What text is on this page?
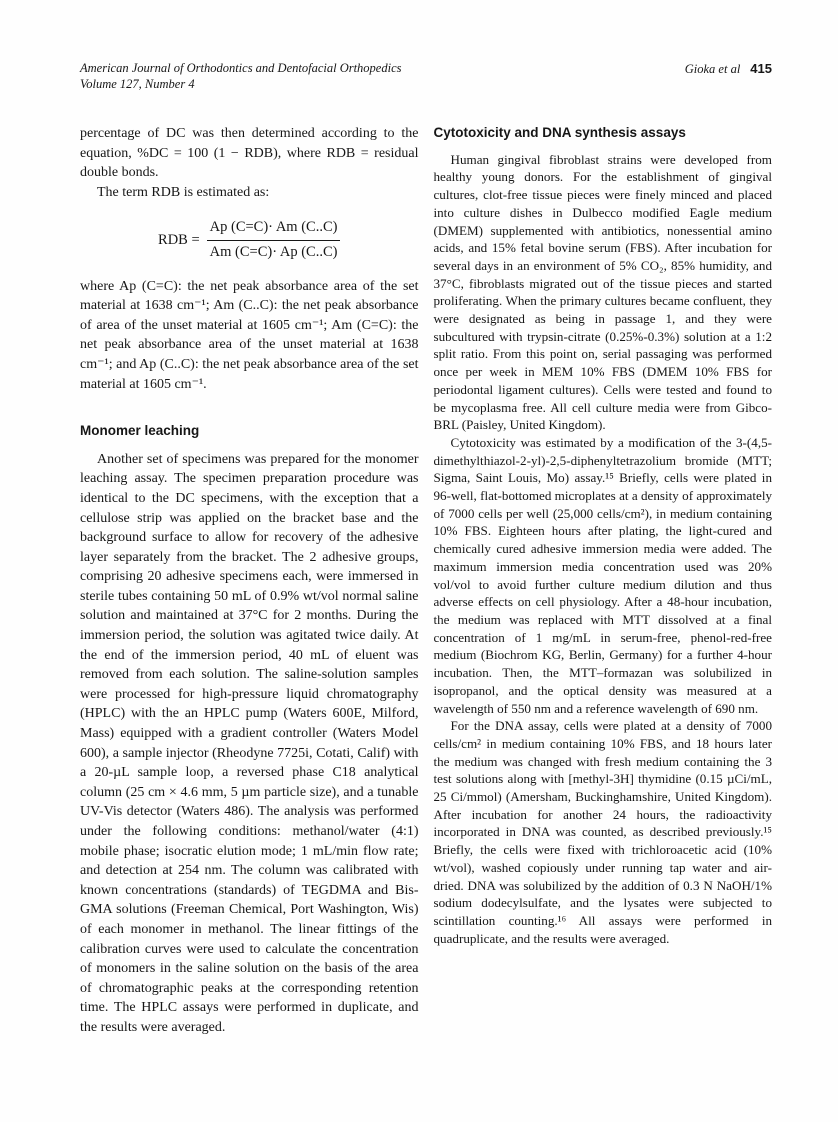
American Journal of Orthodontics and Dentofacial Orthopedics
Volume 127, Number 4
Gioka et al 415

percentage of DC was then determined according to the equation, %DC = 100 (1 − RDB), where RDB = residual double bonds.

The term RDB is estimated as:

RDB = $\frac{Ap (C=C)\cdot Am (C..C)}{Am (C=C)\cdot Ap (C..C)}$

where Ap (C=C): the net peak absorbance area of the set material at 1638 cm⁻¹; Am (C..C): the net peak absorbance of area of the unset material at 1605 cm⁻¹; Am (C=C): the net peak absorbance area of the unset material at 1638 cm⁻¹; and Ap (C..C): the net peak absorbance area of the set material at 1605 cm⁻¹.

Monomer leaching

Another set of specimens was prepared for the monomer leaching assay. The specimen preparation procedure was identical to the DC specimens, with the exception that a cellulose strip was applied on the bracket base and the background surface to allow for recovery of the adhesive layer separately from the bracket. The 2 adhesive groups, comprising 20 adhesive specimens each, were immersed in sterile tubes containing 50 mL of 0.9% wt/vol normal saline solution and maintained at 37°C for 2 months. During the immersion period, the solution was agitated twice daily. At the end of the immersion period, 40 mL of eluent was removed from each solution. The saline-solution samples were processed for high-pressure liquid chromatography (HPLC) with the an HPLC pump (Waters 600E, Milford, Mass) equipped with a gradient controller (Waters Model 600), a sample injector (Rheodyne 7725i, Cotati, Calif) with a 20-µL sample loop, a reversed phase C18 analytical column (25 cm × 4.6 mm, 5 µm particle size), and a tunable UV-Vis detector (Waters 486). The analysis was performed under the following conditions: methanol/water (4:1) mobile phase; isocratic elution mode; 1 mL/min flow rate; and detection at 254 nm. The column was calibrated with known concentrations (standards) of TEGDMA and Bis-GMA solutions (Freeman Chemical, Port Washington, Wis) of each monomer in methanol. The linear fittings of the calibration curves were used to calculate the concentration of monomers in the saline solution on the basis of the area of chromatographic peaks at the corresponding retention time. The HPLC assays were performed in duplicate, and the results were averaged.

Cytotoxicity and DNA synthesis assays

Human gingival fibroblast strains were developed from healthy young donors. For the establishment of gingival cultures, clot-free tissue pieces were finely minced and placed into culture dishes in Dulbecco modified Eagle medium (DMEM) supplemented with antibiotics, nonessential amino acids, and 15% fetal bovine serum (FBS). After incubation for several days in an environment of 5% CO₂, 85% humidity, and 37°C, fibroblasts migrated out of the tissue pieces and started proliferating. When the primary cultures became confluent, they were designated as being in passage 1, and they were subcultured with trypsin-citrate (0.25%-0.3%) solution at a 1:2 split ratio. From this point on, serial passaging was performed once per week in MEM 10% FBS (DMEM 10% FBS for periodontal ligament cultures). Cells were tested and found to be mycoplasma free. All cell culture media were from Gibco-BRL (Paisley, United Kingdom).

Cytotoxicity was estimated by a modification of the 3-(4,5-dimethylthiazol-2-yl)-2,5-diphenyltetrazolium bromide (MTT; Sigma, Saint Louis, Mo) assay.¹⁵ Briefly, cells were plated in 96-well, flat-bottomed microplates at a density of approximately of 7000 cells per well (25,000 cells/cm²), in medium containing 10% FBS. Eighteen hours after plating, the light-cured and chemically cured adhesive immersion media were added. The maximum immersion media concentration used was 20% vol/vol to avoid further culture medium dilution and thus adverse effects on cell physiology. After a 48-hour incubation, the medium was replaced with MTT dissolved at a final concentration of 1 mg/mL in serum-free, phenol-red-free medium (Biochrom KG, Berlin, Germany) for a further 4-hour incubation. Then, the MTT–formazan was solubilized in isopropanol, and the optical density was measured at a wavelength of 550 nm and a reference wavelength of 690 nm.

For the DNA assay, cells were plated at a density of 7000 cells/cm² in medium containing 10% FBS, and 18 hours later the medium was changed with fresh medium containing the 3 test solutions along with [methyl-3H] thymidine (0.15 µCi/mL, 25 Ci/mmol) (Amersham, Buckinghamshire, United Kingdom). After incubation for another 24 hours, the radioactivity incorporated in DNA was counted, as described previously.¹⁵ Briefly, the cells were fixed with trichloroacetic acid (10% wt/vol), washed copiously under running tap water and air-dried. DNA was solubilized by the addition of 0.3 N NaOH/1% sodium dodecylsulfate, and the lysates were subjected to scintillation counting.¹⁶ All assays were performed in quadruplicate, and the results were averaged.
